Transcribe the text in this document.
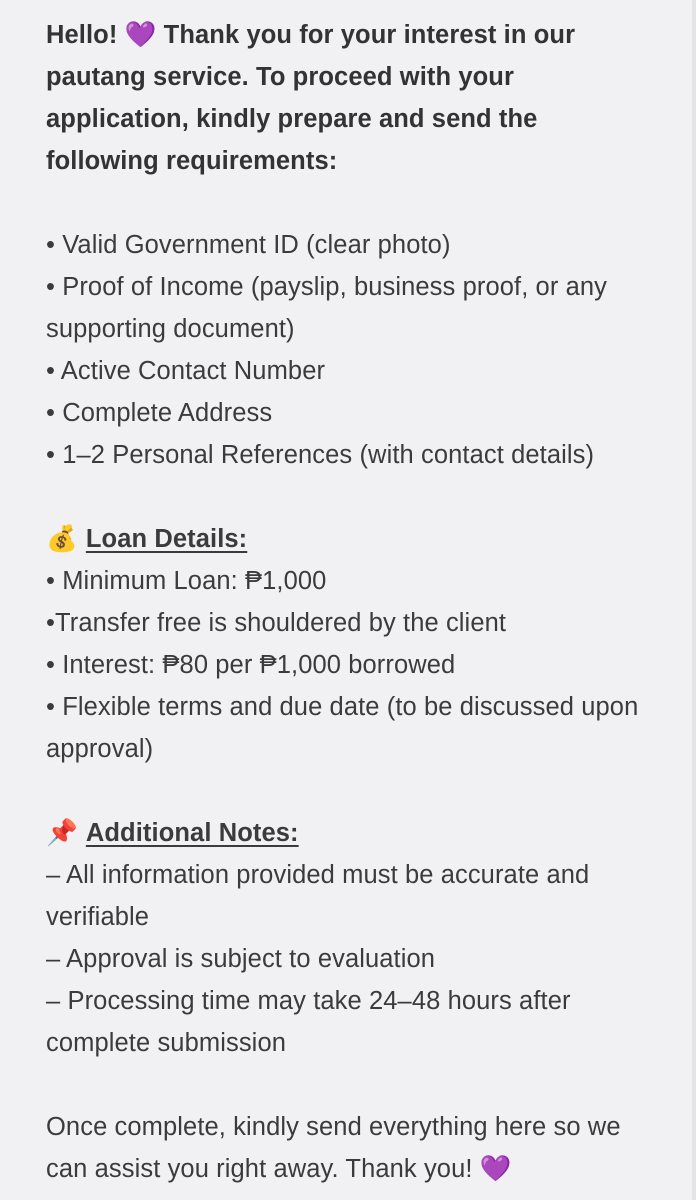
Hello! 💜 Thank you for your interest in our pautang service. To proceed with your application, kindly prepare and send the following requirements:

• Valid Government ID (clear photo)

• Proof of Income (payslip, business proof, or any supporting document)

• Active Contact Number

• Complete Address

• 1–2 Personal References (with contact details)

💰 Loan Details:

• Minimum Loan: ₱1,000

•Transfer free is shouldered by the client

• Interest: ₱80 per ₱1,000 borrowed

• Flexible terms and due date (to be discussed upon approval)

📌 Additional Notes:

– All information provided must be accurate and verifiable

– Approval is subject to evaluation

– Processing time may take 24–48 hours after complete submission

Once complete, kindly send everything here so we can assist you right away. Thank you! 💜
